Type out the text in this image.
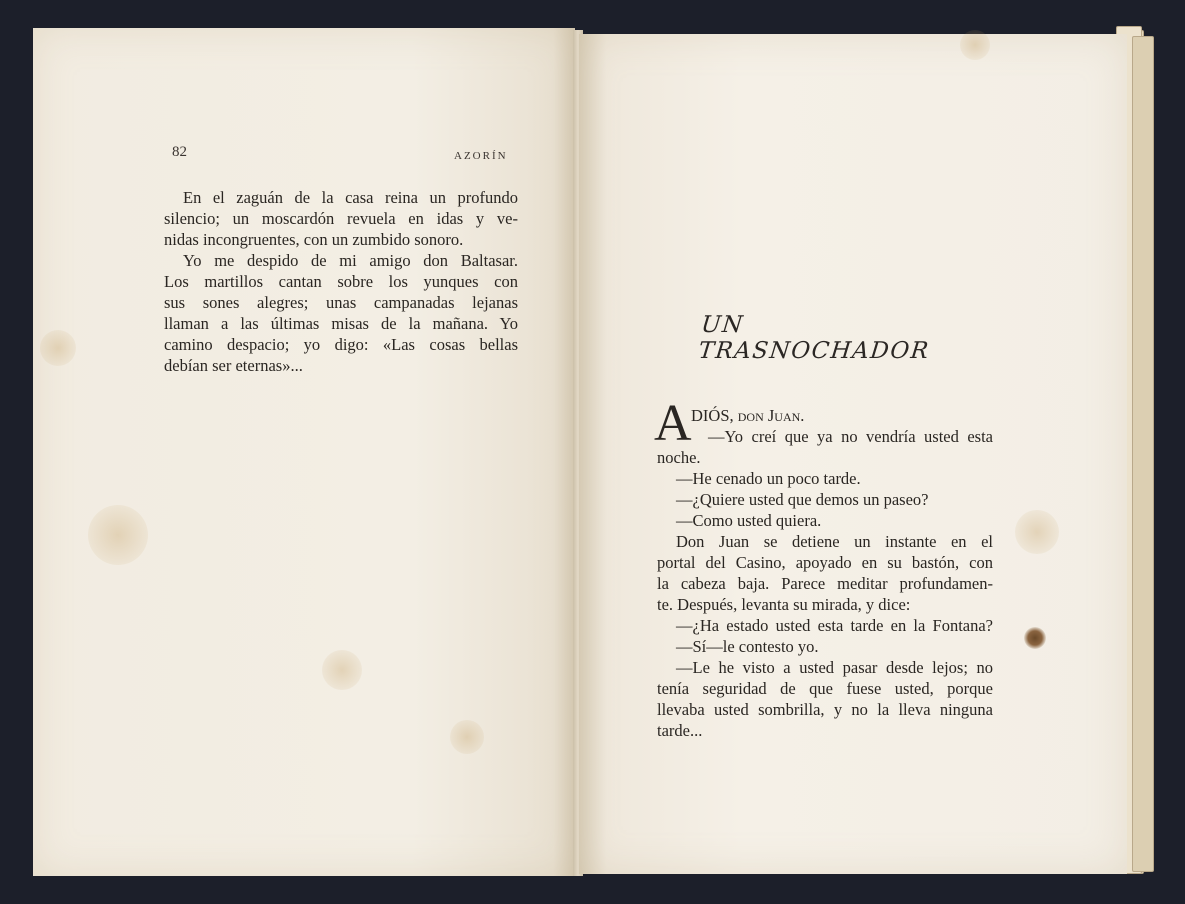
82	AZORÍN
En el zaguán de la casa reina un profundo
silencio; un moscardón revuela en idas y ve-
nidas incongruentes, con un zumbido sonoro.
Yo me despido de mi amigo don Baltasar.
Los martillos cantan sobre los yunques con
sus sones alegres; unas campanadas lejanas
llaman a las últimas misas de la mañana. Yo
camino despacio; yo digo: «Las cosas bellas
debían ser eternas»...
UN TRASNOCHADOR
A DIÓS, don Juan.
—Yo creí que ya no vendría usted esta
noche.
—He cenado un poco tarde.
—¿Quiere usted que demos un paseo?
—Como usted quiera.
Don Juan se detiene un instante en el
portal del Casino, apoyado en su bastón, con
la cabeza baja. Parece meditar profundamen-
te. Después, levanta su mirada, y dice:
—¿Ha estado usted esta tarde en la Fontana?
—Sí—le contesto yo.
—Le he visto a usted pasar desde lejos; no
tenía seguridad de que fuese usted, porque
llevaba usted sombrilla, y no la lleva ninguna
tarde...
